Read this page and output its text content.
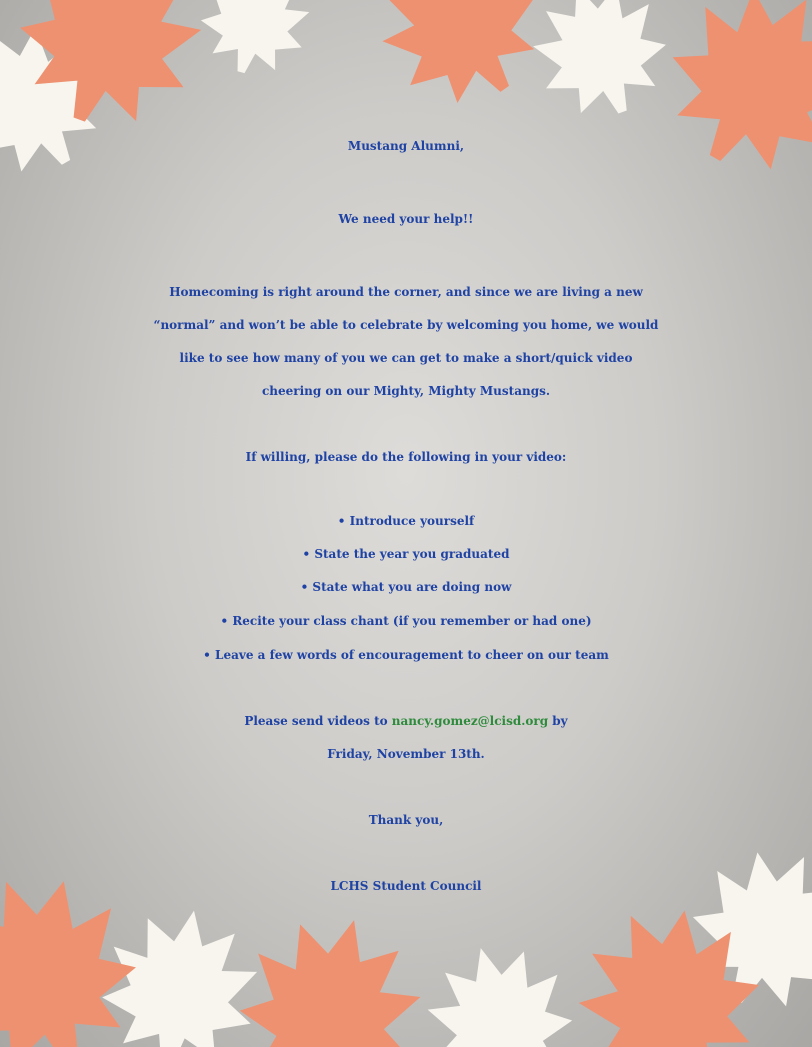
Mustang Alumni,
We need your help!!
Homecoming is right around the corner, and since we are living a new
“normal” and won’t be able to celebrate by welcoming you home, we would
like to see how many of you we can get to make a short/quick video
cheering on our Mighty, Mighty Mustangs.
If willing, please do the following in your video:
• Introduce yourself
• State the year you graduated
• State what you are doing now
• Recite your class chant (if you remember or had one)
• Leave a few words of encouragement to cheer on our team
Please send videos to nancy.gomez@lcisd.org by
Friday, November 13th.
Thank you,
LCHS Student Council
